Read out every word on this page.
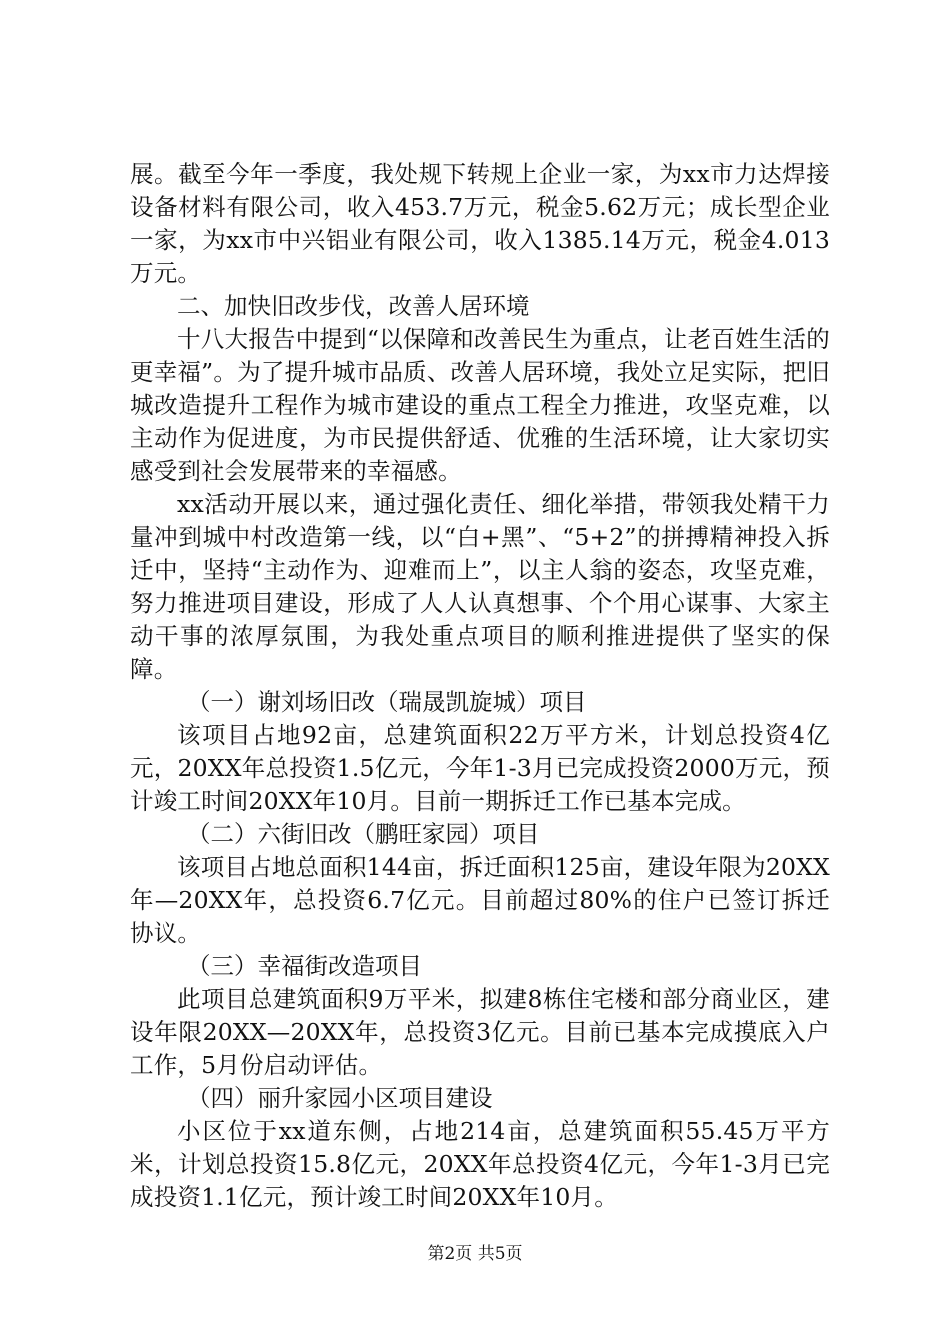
展。截至今年一季度，我处规下转规上企业一家，为xx市力达焊接设备材料有限公司，收入453.7万元，税金5.62万元；成长型企业一家，为xx市中兴铝业有限公司，收入1385.14万元，税金4.013万元。

二、加快旧改步伐，改善人居环境

十八大报告中提到“以保障和改善民生为重点，让老百姓生活的更幸福”。为了提升城市品质、改善人居环境，我处立足实际，把旧城改造提升工程作为城市建设的重点工程全力推进，攻坚克难，以主动作为促进度，为市民提供舒适、优雅的生活环境，让大家切实感受到社会发展带来的幸福感。

xx活动开展以来，通过强化责任、细化举措，带领我处精干力量冲到城中村改造第一线，以“白+黑”、“5+2”的拼搏精神投入拆迁中，坚持“主动作为、迎难而上”，以主人翁的姿态，攻坚克难，努力推进项目建设，形成了人人认真想事、个个用心谋事、大家主动干事的浓厚氛围，为我处重点项目的顺利推进提供了坚实的保障。

（一）谢刘场旧改（瑞晟凯旋城）项目

该项目占地92亩，总建筑面积22万平方米，计划总投资4亿元，20XX年总投资1.5亿元，今年1-3月已完成投资2000万元，预计竣工时间20XX年10月。目前一期拆迁工作已基本完成。

（二）六街旧改（鹏旺家园）项目

该项目占地总面积144亩，拆迁面积125亩，建设年限为20XX年—20XX年，总投资6.7亿元。目前超过80%的住户已签订拆迁协议。

（三）幸福街改造项目

此项目总建筑面积9万平米，拟建8栋住宅楼和部分商业区，建设年限20XX—20XX年，总投资3亿元。目前已基本完成摸底入户工作，5月份启动评估。

（四）丽升家园小区项目建设

小区位于xx道东侧，占地214亩，总建筑面积55.45万平方米，计划总投资15.8亿元，20XX年总投资4亿元，今年1-3月已完成投资1.1亿元，预计竣工时间20XX年10月。

第2页 共5页
